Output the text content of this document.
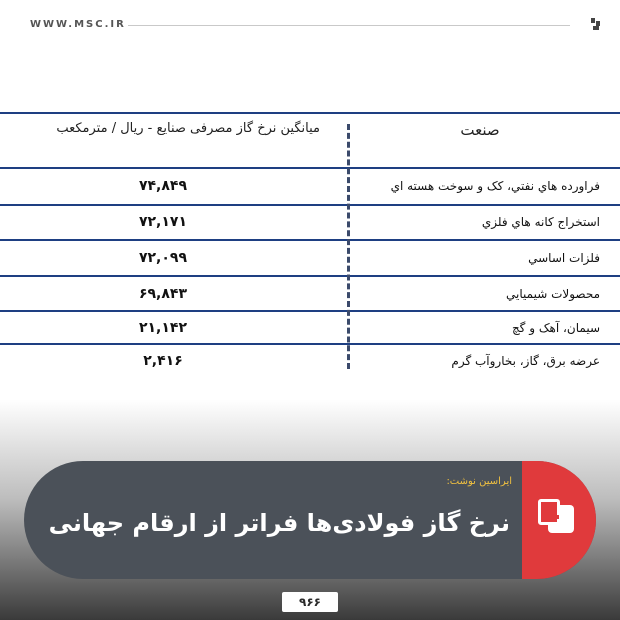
WWW.MSC.IR
میانگین نرخ گاز مصرفی صنایع - ریال / مترمکعب	صنعت
۷۴,۸۴۹	فراورده هاي نفتي، كک و سوخت هسته اي
۷۲,۱۷۱	استخراج کانه هاي فلزي
۷۲,۰۹۹	فلزات اساسي
۶۹,۸۴۳	محصولات شيميايي
۲۱,۱۴۲	سیمان، آهک و گچ
۲,۴۱۶	عرضه برق، گاز، بخاروآب گرم
ایراسین نوشت:
نرخ گاز فولادی‌ها فراتر از ارقام جهانی
۹۶۶
